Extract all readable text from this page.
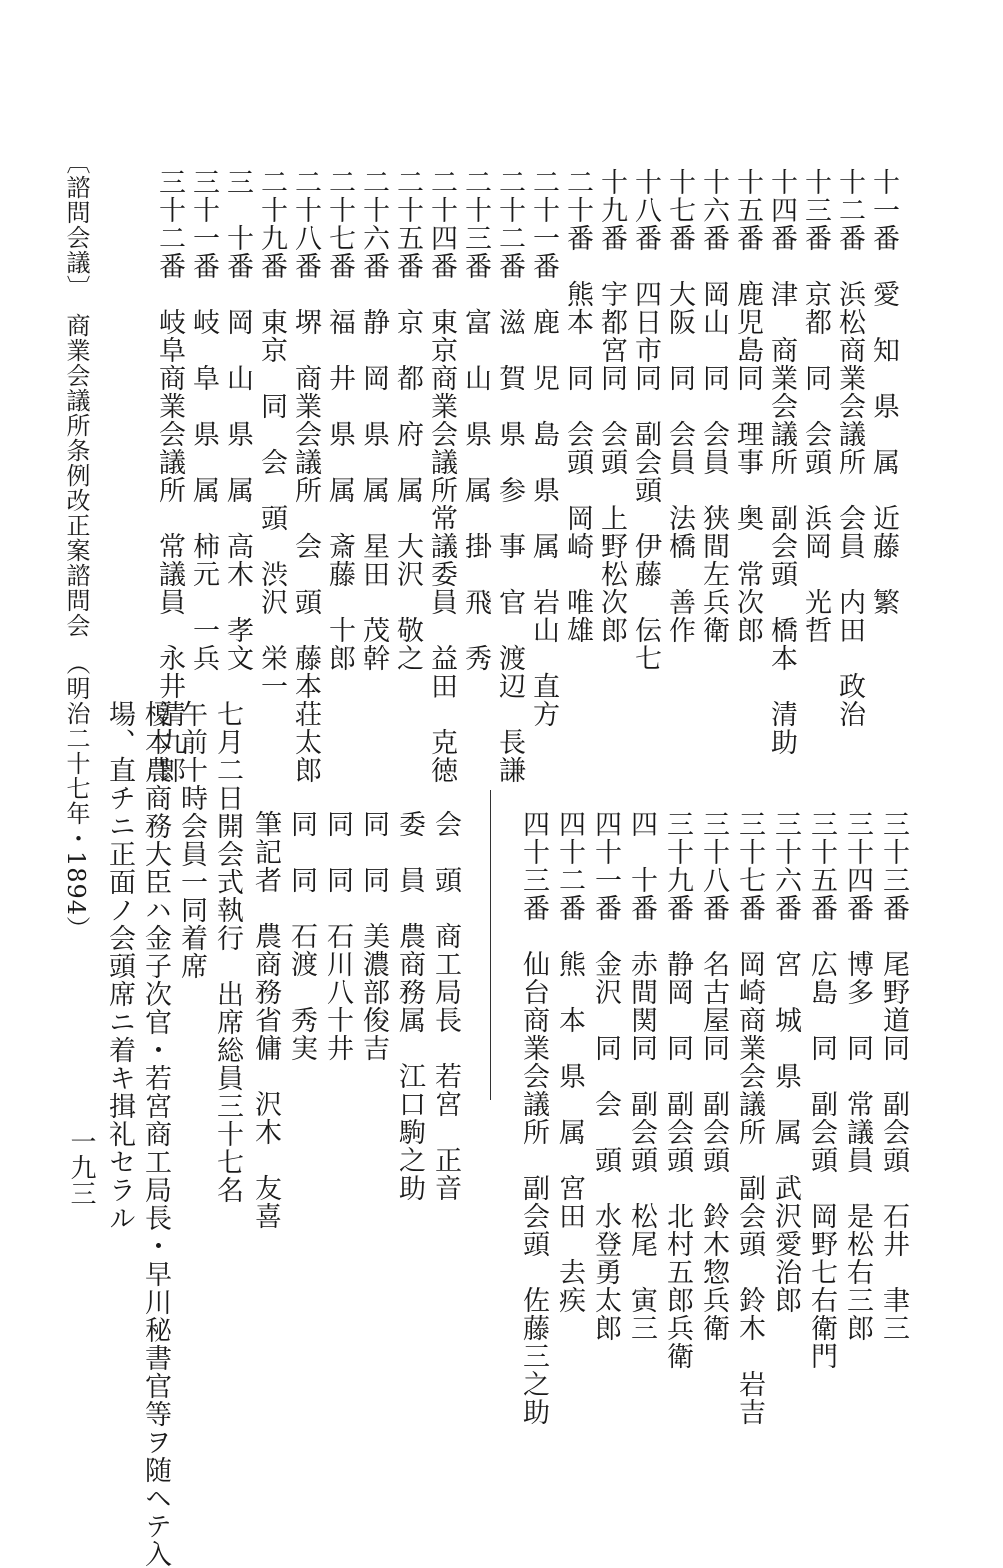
十一番　愛　知　県　属　近藤　繁
十二番　浜松商業会議所　会員　内田　政治
十三番　京都　同　会頭　浜岡　光哲
十四番　津　商業会議所　副会頭　橋本　清助
十五番　鹿児島同　理事　奥　常次郎
十六番　岡山　同　会員　狭間左兵衛
十七番　大阪　同　会員　法橋　善作
十八番　四日市同　副会頭　伊藤　伝七
十九番　宇都宮同　会頭　上野松次郎
二十番　熊本　同　会頭　岡崎　唯雄
二十一番　鹿　児　島　県　属　岩山　直方
二十二番　滋　賀　県　参　事　官　渡辺　長謙
二十三番　富　山　県　属　掛　飛　秀
二十四番　東京商業会議所常議委員　益田　克徳
二十五番　京　都　府　属　大沢　敬之
二十六番　静　岡　県　属　星田　茂幹
二十七番　福　井　県　属　斎藤　十郎
二十八番　堺　商業会議所　会　頭　藤本荘太郎
二十九番　東京　同　会　頭　渋沢　栄一
三　十番　岡　山　県　属　高木　孝文
三十一番　岐　阜　県　属　柿元　一兵
三十二番　岐阜商業会議所　常議員　永井清九郎
〔諮問会議〕　商業会議所条例改正案諮問会　（明治二十七年・1894）
三十三番　尾野道同　副会頭　石井　聿三
三十四番　博多　同　常議員　是松右三郎
三十五番　広島　同　副会頭　岡野七右衛門
三十六番　宮　城　県　属　武沢愛治郎
三十七番　岡崎商業会議所　副会頭　鈴木　岩吉
三十八番　名古屋同　副会頭　鈴木惣兵衛
三十九番　静岡　同　副会頭　北村五郎兵衛
四　十番　赤間関同　副会頭　松尾　寅三
四十一番　金沢　同　会　頭　水登勇太郎
四十二番　熊　本　県　属　宮田　去疾
四十三番　仙台商業会議所　副会頭　佐藤三之助
会　頭　商工局長　若宮　正音
委　員　農商務属　江口駒之助
同　同　美濃部俊吉
同　同　石川八十井
同　同　石渡　秀実
筆記者　農商務省傭　沢木　友喜
七月二日開会式執行　出席総員三十七名
午前十時会員一同着席
榎本農商務大臣ハ金子次官・若宮商工局長・早川秘書官等ヲ随ヘテ入
場、直チニ正面ノ会頭席ニ着キ揖礼セラル
一九三
